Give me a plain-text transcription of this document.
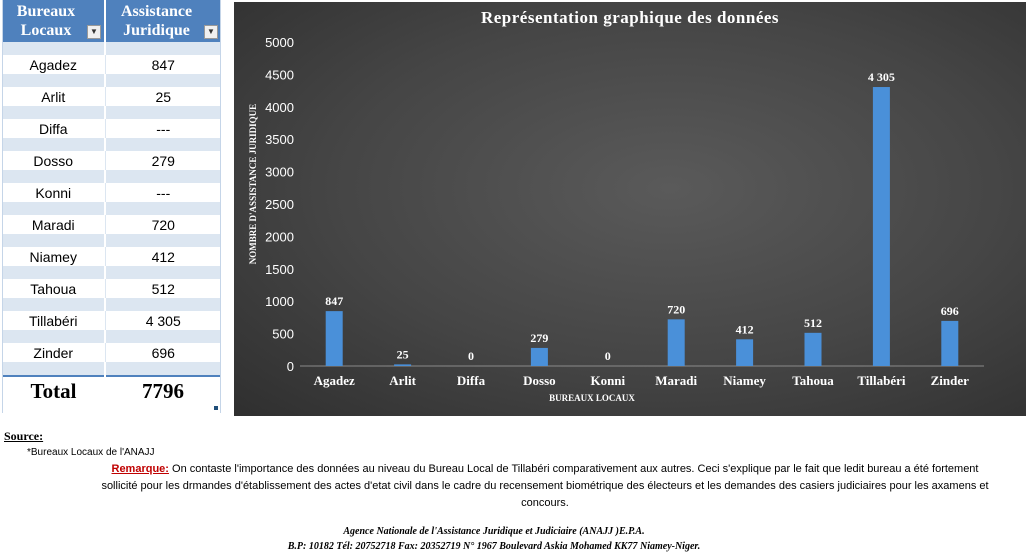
Bureaux Locaux ▼	Assistance Juridique ▼

Agadez	847

Arlit	25

Diffa	---

Dosso	279

Konni	---

Maradi	720

Niamey	412

Tahoua	512

Tillabéri	4 305

Zinder	696

Total	7796
Représentation graphique des données
0
500
1000
1500
2000
2500
3000
3500
4000
4500
5000
847
Agadez
25
Arlit
0
Diffa
279
Dosso
0
Konni
720
Maradi
412
Niamey
512
Tahoua
4 305
Tillabéri
696
Zinder
BUREAUX LOCAUX
NOMBRE D'ASSISTANCE JURIDIQUE
Source:
*Bureaux Locaux de l'ANAJJ
Remarque: On contaste l'importance des données au niveau du Bureau Local de Tillabéri comparativement aux autres. Ceci s'explique par le fait que ledit bureau a été fortement sollicité pour les drmandes d'établissement des actes d'etat civil dans le cadre du recensement biométrique des électeurs et les demandes des casiers judiciaires pour les axamens et concours.
Agence Nationale de l'Assistance Juridique et Judiciaire (ANAJJ )E.P.A.
B.P: 10182 Tél: 20752718 Fax: 20352719 N° 1967 Boulevard Askia Mohamed KK77 Niamey-Niger.
